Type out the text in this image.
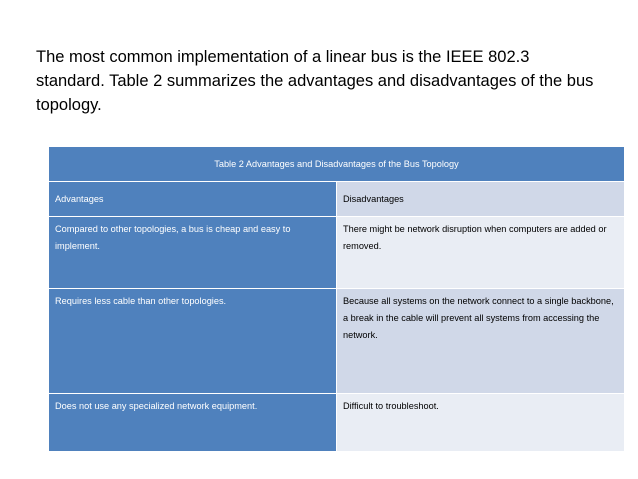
The most common implementation of a linear bus is the IEEE 802.3 standard. Table 2 summarizes the advantages and disadvantages of the bus topology.
Table 2 Advantages and Disadvantages of the Bus Topology	
Advantages	Disadvantages
Compared to other topologies, a bus is cheap and easy to implement.	There might be network disruption when computers are added or removed.
Requires less cable than other topologies.	Because all systems on the network connect to a single backbone, a break in the cable will prevent all systems from accessing the network.
Does not use any specialized network equipment.	Difficult to troubleshoot.
